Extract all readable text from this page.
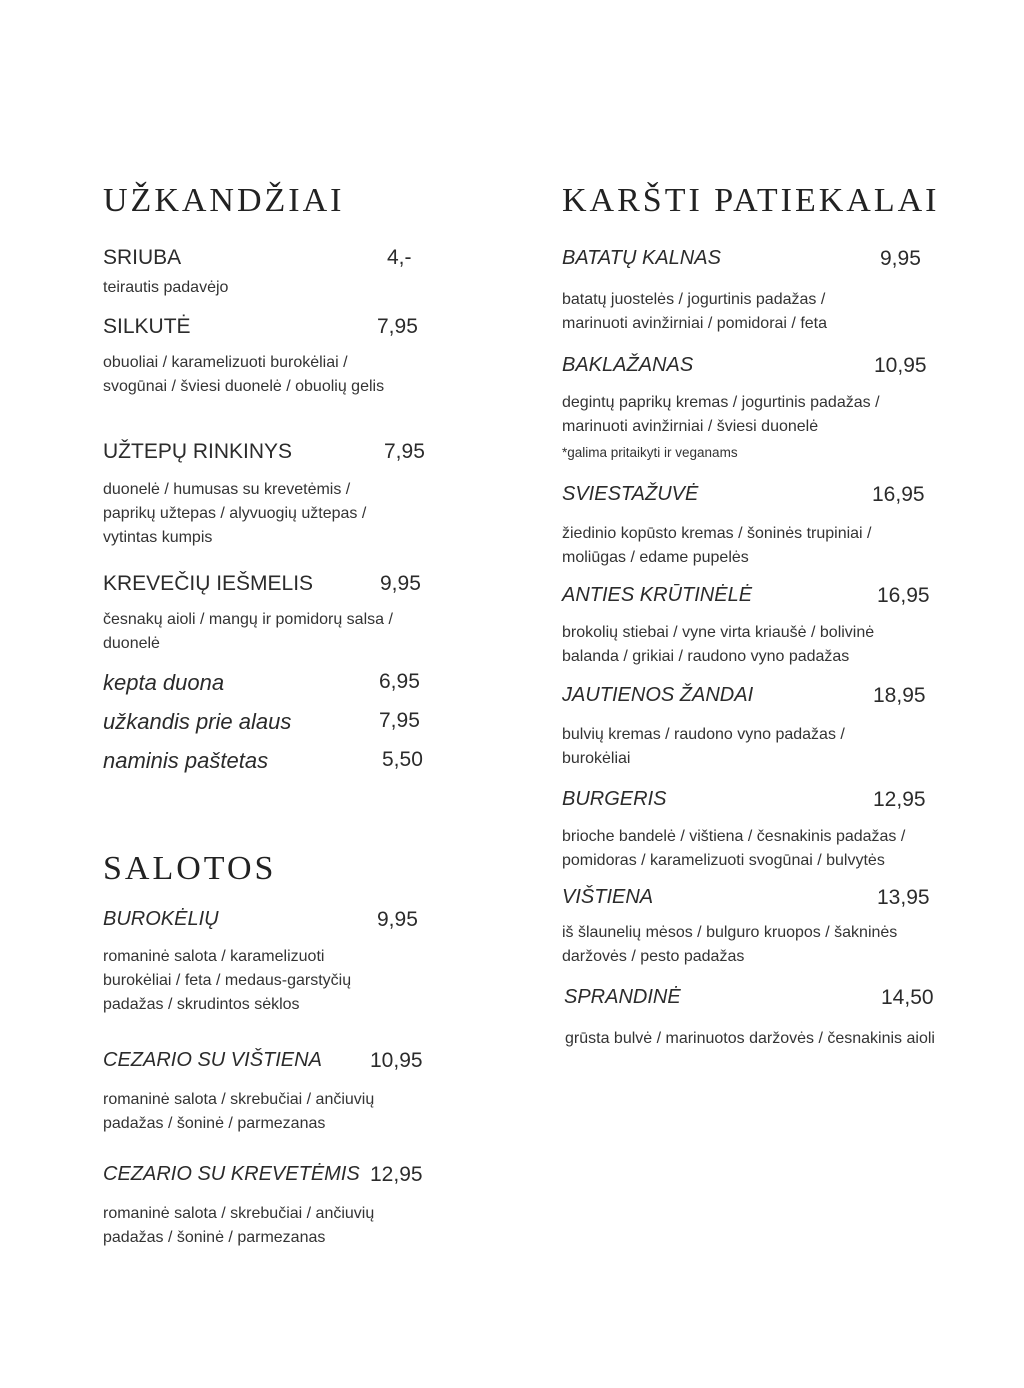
UŽKANDŽIAI
SRIUBA	4,-
teirautis padavėjo
SILKUTĖ	7,95
obuoliai / karamelizuoti burokėliai / svogūnai / šviesi duonelė / obuolių gelis
UŽTEPŲ RINKINYS	7,95
duonelė / humusas su krevetėmis / paprikų užtepas / alyvuogių užtepas / vytintas kumpis
KREVEČIŲ IEŠMELIS	9,95
česnakų aioli / mangų ir pomidorų salsa / duonelė
kepta duona	6,95
užkandis prie alaus	7,95
naminis paštetas	5,50
SALOTOS
BUROKĖLIŲ	9,95
romaninė salota / karamelizuoti burokėliai / feta / medaus-garstyčių padažas / skrudintos sėklos
CEZARIO SU VIŠTIENA	10,95
romaninė salota / skrebučiai / ančiuvių padažas / šoninė / parmezanas
CEZARIO SU KREVETĖMIS 12,95
romaninė salota / skrebučiai / ančiuvių padažas / šoninė / parmezanas
KARŠTI PATIEKALAI
BATATŲ KALNAS	9,95
batatų juostelės / jogurtinis padažas / marinuoti avinžirniai / pomidorai / feta
BAKLAŽANAS	10,95
degintų paprikų kremas / jogurtinis padažas / marinuoti avinžirniai / šviesi duonelė
*galima pritaikyti ir veganams
SVIESTAŽUVĖ	16,95
žiedinio kopūsto kremas / šoninės trupiniai / moliūgas / edame pupelės
ANTIES KRŪTINĖLĖ	16,95
brokolių stiebai / vyne virta kriaušė / bolivinė balanda / grikiai / raudono vyno padažas
JAUTIENOS ŽANDAI	18,95
bulvių kremas / raudono vyno padažas / burokėliai
BURGERIS	12,95
brioche bandelė / vištiena / česnakinis padažas / pomidoras / karamelizuoti svogūnai / bulvytės
VIŠTIENA	13,95
iš šlaunelių mėsos / bulguro kruopos / šakninės daržovės / pesto padažas
SPRANDINĖ	14,50
grūsta bulvė / marinuotos daržovės / česnakinis aioli
